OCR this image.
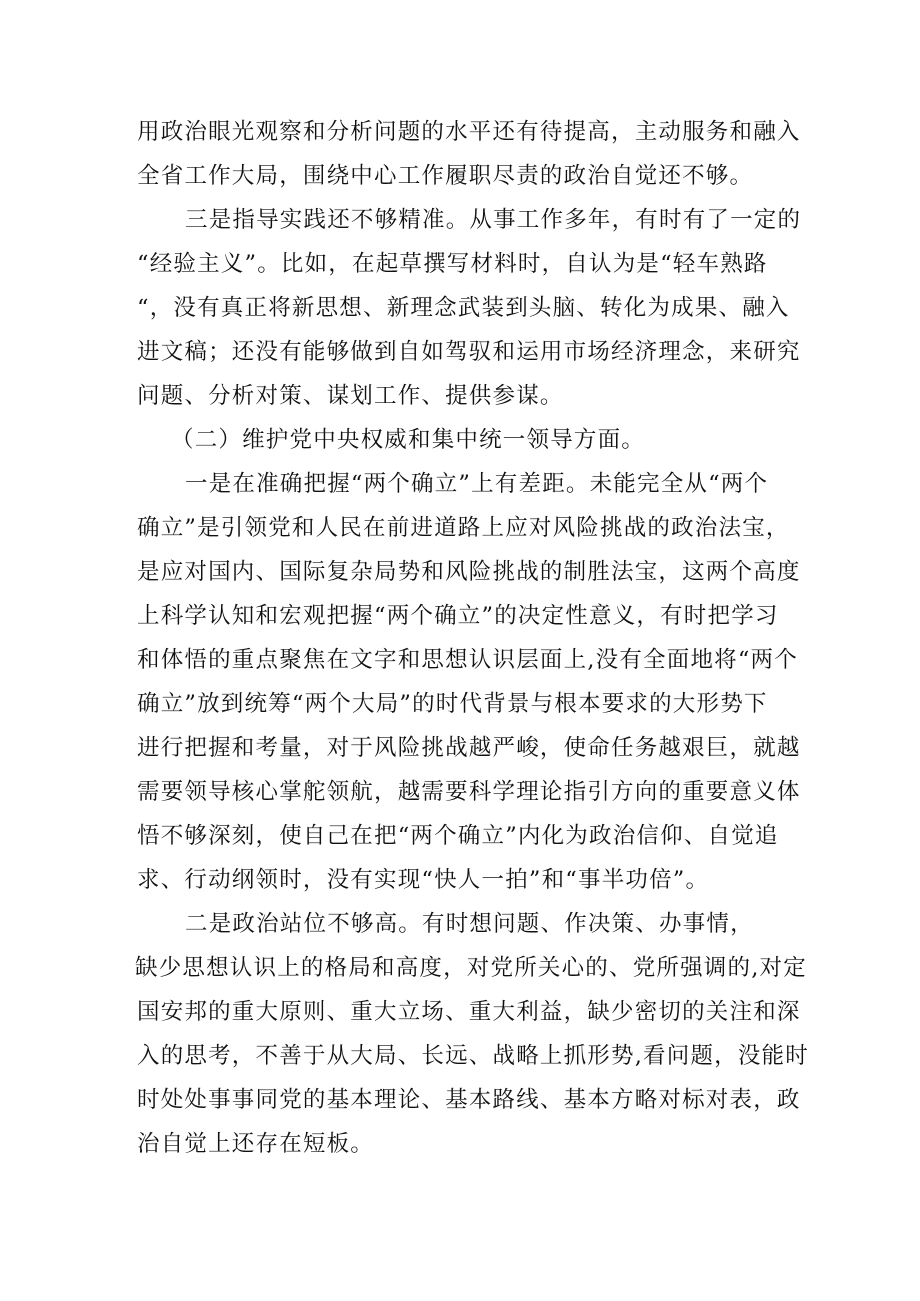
用政治眼光观察和分析问题的水平还有待提高，主动服务和融入
全省工作大局，围绕中心工作履职尽责的政治自觉还不够。
三是指导实践还不够精准。从事工作多年，有时有了一定的
“经验主义”。比如，在起草撰写材料时，自认为是“轻车熟路
“，没有真正将新思想、新理念武装到头脑、转化为成果、融入
进文稿；还没有能够做到自如驾驭和运用市场经济理念，来研究
问题、分析对策、谋划工作、提供参谋。
（二）维护党中央权威和集中统一领导方面。
一是在准确把握“两个确立”上有差距。未能完全从“两个
确立”是引领党和人民在前进道路上应对风险挑战的政治法宝，
是应对国内、国际复杂局势和风险挑战的制胜法宝，这两个高度
上科学认知和宏观把握“两个确立”的决定性意义，有时把学习
和体悟的重点聚焦在文字和思想认识层面上,没有全面地将“两个
确立”放到统筹“两个大局”的时代背景与根本要求的大形势下
进行把握和考量，对于风险挑战越严峻，使命任务越艰巨，就越
需要领导核心掌舵领航，越需要科学理论指引方向的重要意义体
悟不够深刻，使自己在把“两个确立”内化为政治信仰、自觉追
求、行动纲领时，没有实现“快人一拍”和“事半功倍”。
二是政治站位不够高。有时想问题、作决策、办事情，
缺少思想认识上的格局和高度，对党所关心的、党所强调的,对定
国安邦的重大原则、重大立场、重大利益，缺少密切的关注和深
入的思考，不善于从大局、长远、战略上抓形势,看问题，没能时
时处处事事同党的基本理论、基本路线、基本方略对标对表，政
治自觉上还存在短板。
